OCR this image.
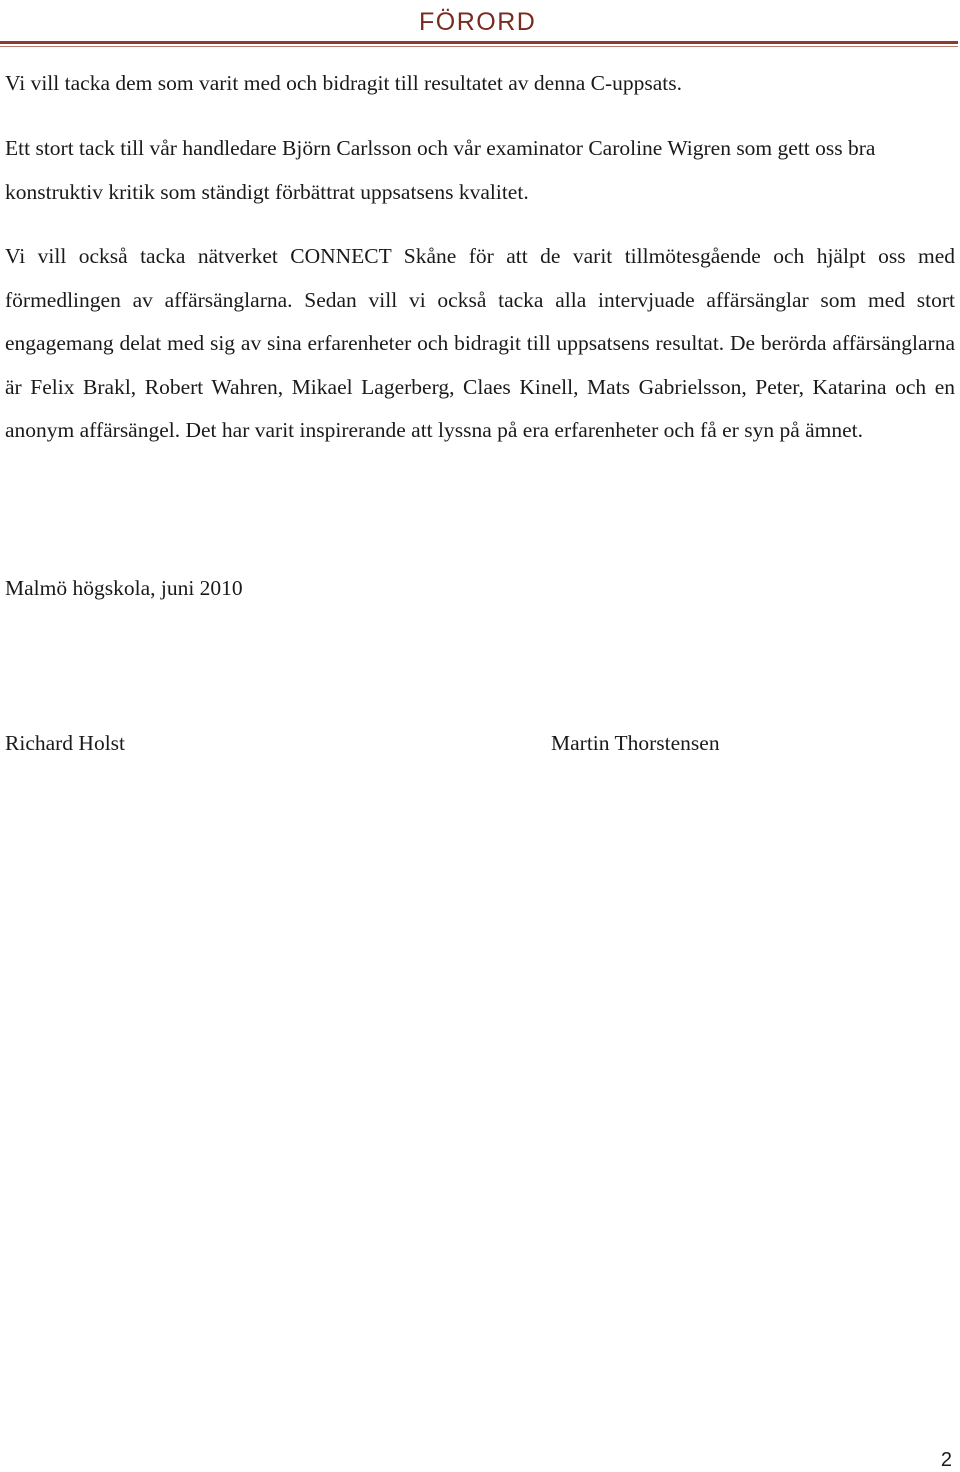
FÖRORD

Vi vill tacka dem som varit med och bidragit till resultatet av denna C-uppsats.

Ett stort tack till vår handledare Björn Carlsson och vår examinator Caroline Wigren som gett oss bra konstruktiv kritik som ständigt förbättrat uppsatsens kvalitet.

Vi vill också tacka nätverket CONNECT Skåne för att de varit tillmötesgående och hjälpt oss med förmedlingen av affärsänglarna. Sedan vill vi också tacka alla intervjuade affärsänglar som med stort engagemang delat med sig av sina erfarenheter och bidragit till uppsatsens resultat. De berörda affärsänglarna är Felix Brakl, Robert Wahren, Mikael Lagerberg, Claes Kinell, Mats Gabrielsson, Peter, Katarina och en anonym affärsängel. Det har varit inspirerande att lyssna på era erfarenheter och få er syn på ämnet.

Malmö högskola, juni 2010
Richard Holst	Martin Thorstensen
2
